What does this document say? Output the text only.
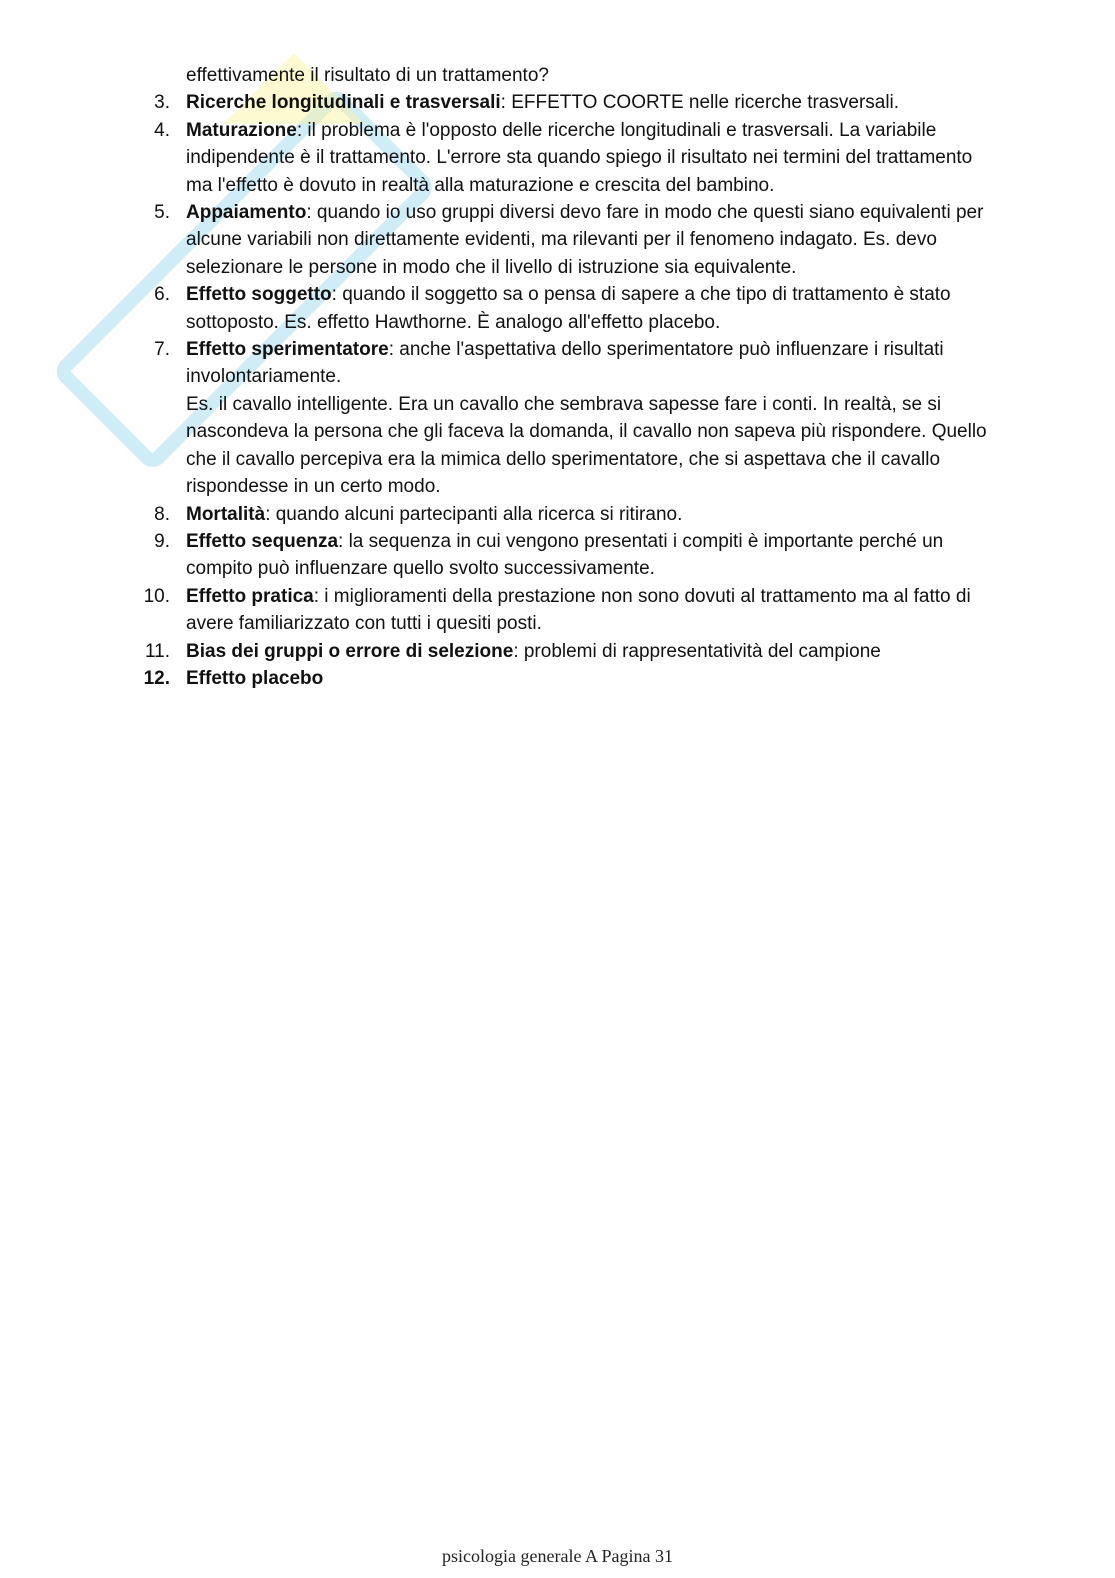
effettivamente il risultato di un trattamento?

3. Ricerche longitudinali e trasversali: EFFETTO COORTE nelle ricerche trasversali.
4. Maturazione: il problema è l'opposto delle ricerche longitudinali e trasversali. La variabile indipendente è il trattamento. L'errore sta quando spiego il risultato nei termini del trattamento ma l'effetto è dovuto in realtà alla maturazione e crescita del bambino.
5. Appaiamento: quando io uso gruppi diversi devo fare in modo che questi siano equivalenti per alcune variabili non direttamente evidenti, ma rilevanti per il fenomeno indagato. Es. devo selezionare le persone in modo che il livello di istruzione sia equivalente.
6. Effetto soggetto: quando il soggetto sa o pensa di sapere a che tipo di trattamento è stato sottoposto. Es. effetto Hawthorne. È analogo all'effetto placebo.
7. Effetto sperimentatore: anche l'aspettativa dello sperimentatore può influenzare i risultati involontariamente.
Es. il cavallo intelligente. Era un cavallo che sembrava sapesse fare i conti. In realtà, se si nascondeva la persona che gli faceva la domanda, il cavallo non sapeva più rispondere. Quello che il cavallo percepiva era la mimica dello sperimentatore, che si aspettava che il cavallo rispondesse in un certo modo.
8. Mortalità: quando alcuni partecipanti alla ricerca si ritirano.
9. Effetto sequenza: la sequenza in cui vengono presentati i compiti è importante perché un compito può influenzare quello svolto successivamente.
10. Effetto pratica: i miglioramenti della prestazione non sono dovuti al trattamento ma al fatto di avere familiarizzato con tutti i quesiti posti.
11. Bias dei gruppi o errore di selezione: problemi di rappresentatività del campione
12. Effetto placebo
psicologia generale A Pagina 31
